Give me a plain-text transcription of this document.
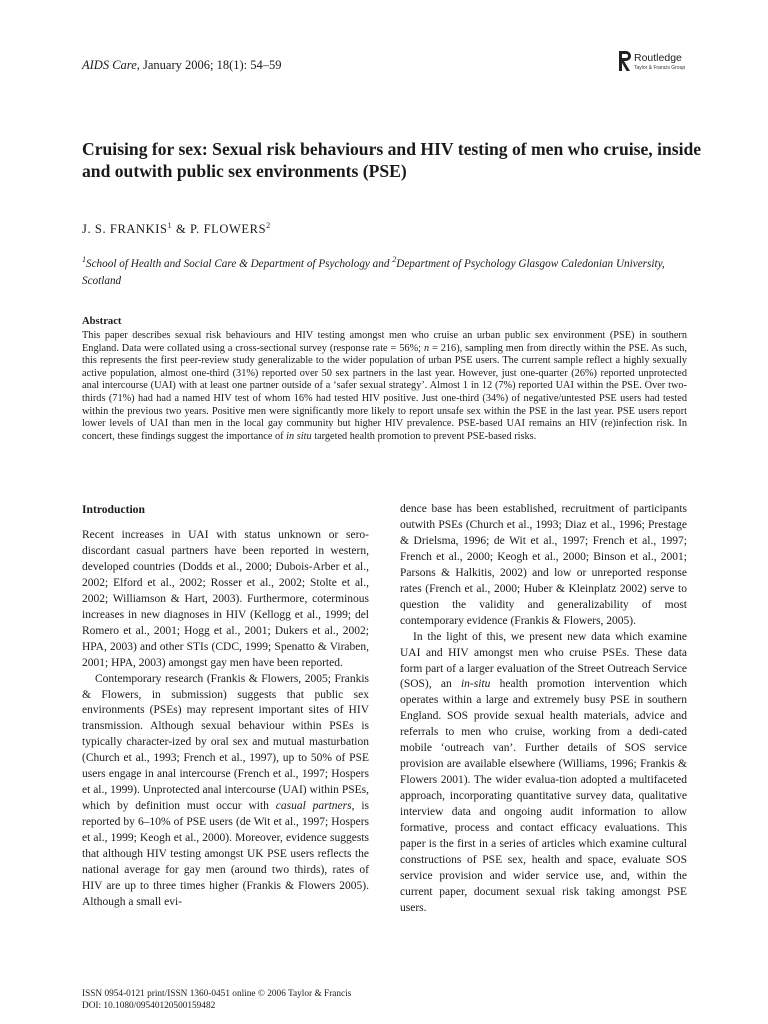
AIDS Care, January 2006; 18(1): 54–59	Routledge
Taylor & Francis Group
Cruising for sex: Sexual risk behaviours and HIV testing of men who cruise, inside and outwith public sex environments (PSE)
J. S. FRANKIS$^1$ & P. FLOWERS$^2$
$^1$School of Health and Social Care & Department of Psychology and $^2$Department of Psychology Glasgow Caledonian University, Scotland
Abstract

This paper describes sexual risk behaviours and HIV testing amongst men who cruise an urban public sex environment (PSE) in southern England. Data were collated using a cross-sectional survey (response rate = 56%; n = 216), sampling men from directly within the PSE. As such, this represents the first peer-review study generalizable to the wider population of urban PSE users. The current sample reflect a highly sexually active population, almost one-third (31%) reported over 50 sex partners in the last year. However, just one-quarter (26%) reported unprotected anal intercourse (UAI) with at least one partner outside of a ‘safer sexual strategy’. Almost 1 in 12 (7%) reported UAI within the PSE. Over two-thirds (71%) had had a named HIV test of whom 16% had tested HIV positive. Just one-third (34%) of negative/untested PSE users had tested within the previous two years. Positive men were significantly more likely to report unsafe sex within the PSE in the last year. PSE users report lower levels of UAI than men in the local gay community but higher HIV prevalence. PSE-based UAI remains an HIV (re)infection risk. In concert, these findings suggest the importance of in situ targeted health promotion to prevent PSE-based risks.

Introduction

Recent increases in UAI with status unknown or sero-discordant casual partners have been reported in western, developed countries (Dodds et al., 2000; Dubois-Arber et al., 2002; Elford et al., 2002; Rosser et al., 2002; Stolte et al., 2002; Williamson & Hart, 2003). Furthermore, coterminous increases in new diagnoses in HIV (Kellogg et al., 1999; del Romero et al., 2001; Hogg et al., 2001; Dukers et al., 2002; HPA, 2003) and other STIs (CDC, 1999; Spenatto & Viraben, 2001; HPA, 2003) amongst gay men have been reported.

Contemporary research (Frankis & Flowers, 2005; Frankis & Flowers, in submission) suggests that public sex environments (PSEs) may represent important sites of HIV transmission. Although sexual behaviour within PSEs is typically character-ized by oral sex and mutual masturbation (Church et al., 1993; French et al., 1997), up to 50% of PSE users engage in anal intercourse (French et al., 1997; Hospers et al., 1999). Unprotected anal intercourse (UAI) within PSEs, which by definition must occur with casual partners, is reported by 6–10% of PSE users (de Wit et al., 1997; Hospers et al., 1999; Keogh et al., 2000). Moreover, evidence suggests that although HIV testing amongst UK PSE users reflects the national average for gay men (around two thirds), rates of HIV are up to three times higher (Frankis & Flowers 2005). Although a small evi-

dence base has been established, recruitment of participants outwith PSEs (Church et al., 1993; Diaz et al., 1996; Prestage & Drielsma, 1996; de Wit et al., 1997; French et al., 1997; French et al., 2000; Keogh et al., 2000; Binson et al., 2001; Parsons & Halkitis, 2002) and low or unreported response rates (French et al., 2000; Huber & Kleinplatz 2002) serve to question the validity and generalizability of most contemporary evidence (Frankis & Flowers, 2005).

In the light of this, we present new data which examine UAI and HIV amongst men who cruise PSEs. These data form part of a larger evaluation of the Street Outreach Service (SOS), an in-situ health promotion intervention which operates within a large and extremely busy PSE in southern England. SOS provide sexual health materials, advice and referrals to men who cruise, working from a dedi-cated mobile ‘outreach van’. Further details of SOS service provision are available elsewhere (Williams, 1996; Frankis & Flowers 2001). The wider evalua-tion adopted a multifaceted approach, incorporating quantitative survey data, qualitative interview data and ongoing audit information to allow formative, process and contact efficacy evaluations. This paper is the first in a series of articles which examine cultural constructions of PSE sex, health and space, evaluate SOS service provision and wider service use, and, within the current paper, document sexual risk taking amongst PSE users.

ISSN 0954-0121 print/ISSN 1360-0451 online © 2006 Taylor & Francis
DOI: 10.1080/09540120500159482
